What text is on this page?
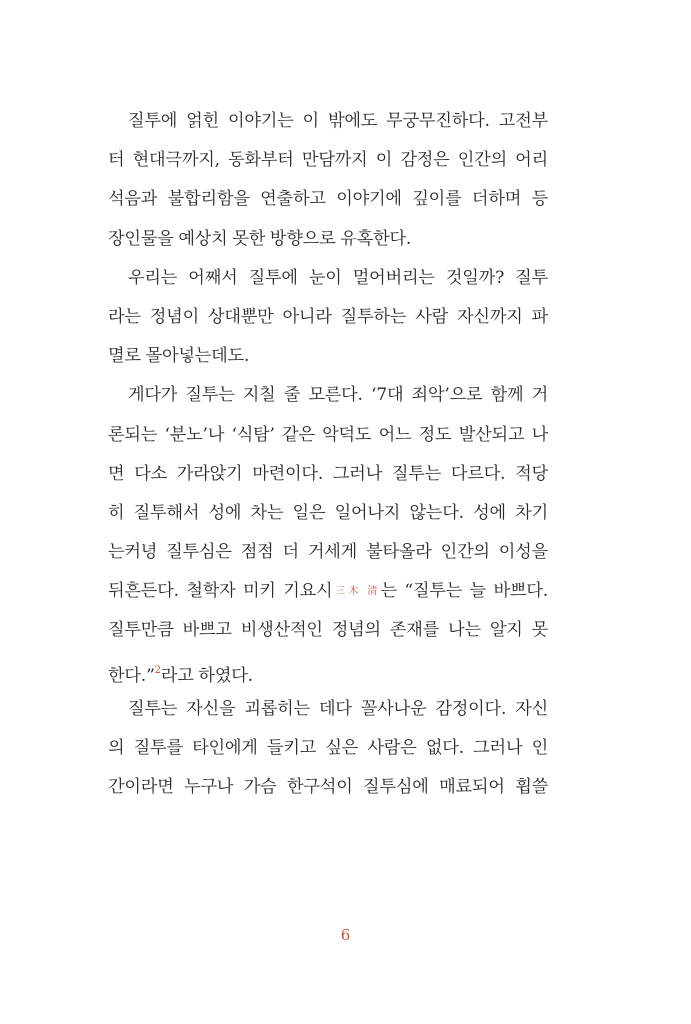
질투에 얽힌 이야기는 이 밖에도 무궁무진하다. 고전부
터 현대극까지, 동화부터 만담까지 이 감정은 인간의 어리
석음과 불합리함을 연출하고 이야기에 깊이를 더하며 등
장인물을 예상치 못한 방향으로 유혹한다.
우리는 어째서 질투에 눈이 멀어버리는 것일까? 질투
라는 정념이 상대뿐만 아니라 질투하는 사람 자신까지 파
멸로 몰아넣는데도.
게다가 질투는 지칠 줄 모른다. ‘7대 죄악’으로 함께 거
론되는 ‘분노’나 ‘식탐’ 같은 악덕도 어느 정도 발산되고 나
면 다소 가라앉기 마련이다. 그러나 질투는 다르다. 적당
히 질투해서 성에 차는 일은 일어나지 않는다. 성에 차기
는커녕 질투심은 점점 더 거세게 불타올라 인간의 이성을
뒤흔든다. 철학자 미키 기요시三木 清는 “질투는 늘 바쁘다.
질투만큼 바쁘고 비생산적인 정념의 존재를 나는 알지 못
한다.”$^2$라고 하였다.
질투는 자신을 괴롭히는 데다 꼴사나운 감정이다. 자신
의 질투를 타인에게 들키고 싶은 사람은 없다. 그러나 인
간이라면 누구나 가슴 한구석이 질투심에 매료되어 휩쓸
6
